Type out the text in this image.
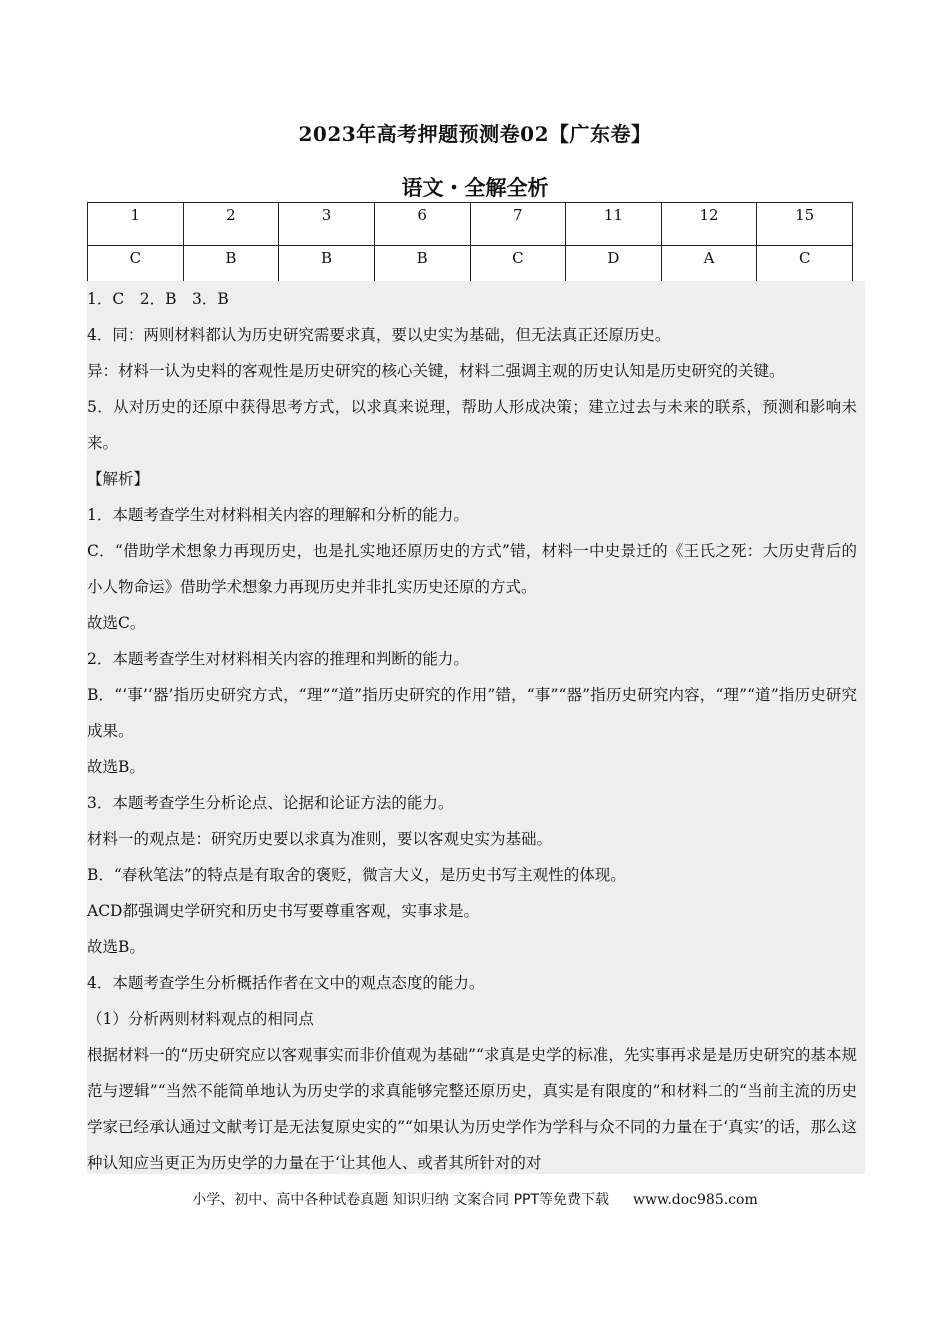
2023年高考押题预测卷02【广东卷】
语文・全解全析
1	2	3	6	7	11	12	15
C	B	B	B	C	D	A	C

1．C　2．B　3．B

4．同：两则材料都认为历史研究需要求真，要以史实为基础，但无法真正还原历史。

异：材料一认为史料的客观性是历史研究的核心关键，材料二强调主观的历史认知是历史研究的关键。

5．从对历史的还原中获得思考方式，以求真来说理，帮助人形成决策；建立过去与未来的联系，预测和影响未来。

【解析】

1．本题考查学生对材料相关内容的理解和分析的能力。

C．“借助学术想象力再现历史，也是扎实地还原历史的方式”错，材料一中史景迁的《王氏之死：大历史背后的小人物命运》借助学术想象力再现历史并非扎实历史还原的方式。

故选C。

2．本题考查学生对材料相关内容的推理和判断的能力。

B．“‘事’‘器’指历史研究方式，“理”“道”指历史研究的作用”错，“事”“器”指历史研究内容，“理”“道”指历史研究成果。

故选B。

3．本题考查学生分析论点、论据和论证方法的能力。

材料一的观点是：研究历史要以求真为准则，要以客观史实为基础。

B．“春秋笔法”的特点是有取舍的褒贬，微言大义，是历史书写主观性的体现。

ACD都强调史学研究和历史书写要尊重客观，实事求是。

故选B。

4．本题考查学生分析概括作者在文中的观点态度的能力。

（1）分析两则材料观点的相同点

根据材料一的“历史研究应以客观事实而非价值观为基础”“求真是史学的标准，先实事再求是是历史研究的基本规范与逻辑”“当然不能简单地认为历史学的求真能够完整还原历史，真实是有限度的”和材料二的“当前主流的历史学家已经承认通过文献考订是无法复原史实的”“如果认为历史学作为学科与众不同的力量在于‘真实’的话，那么这种认知应当更正为历史学的力量在于‘让其他人、或者其所针对的对

小学、初中、高中各种试卷真题 知识归纳 文案合同 PPT等免费下载 www.doc985.com
